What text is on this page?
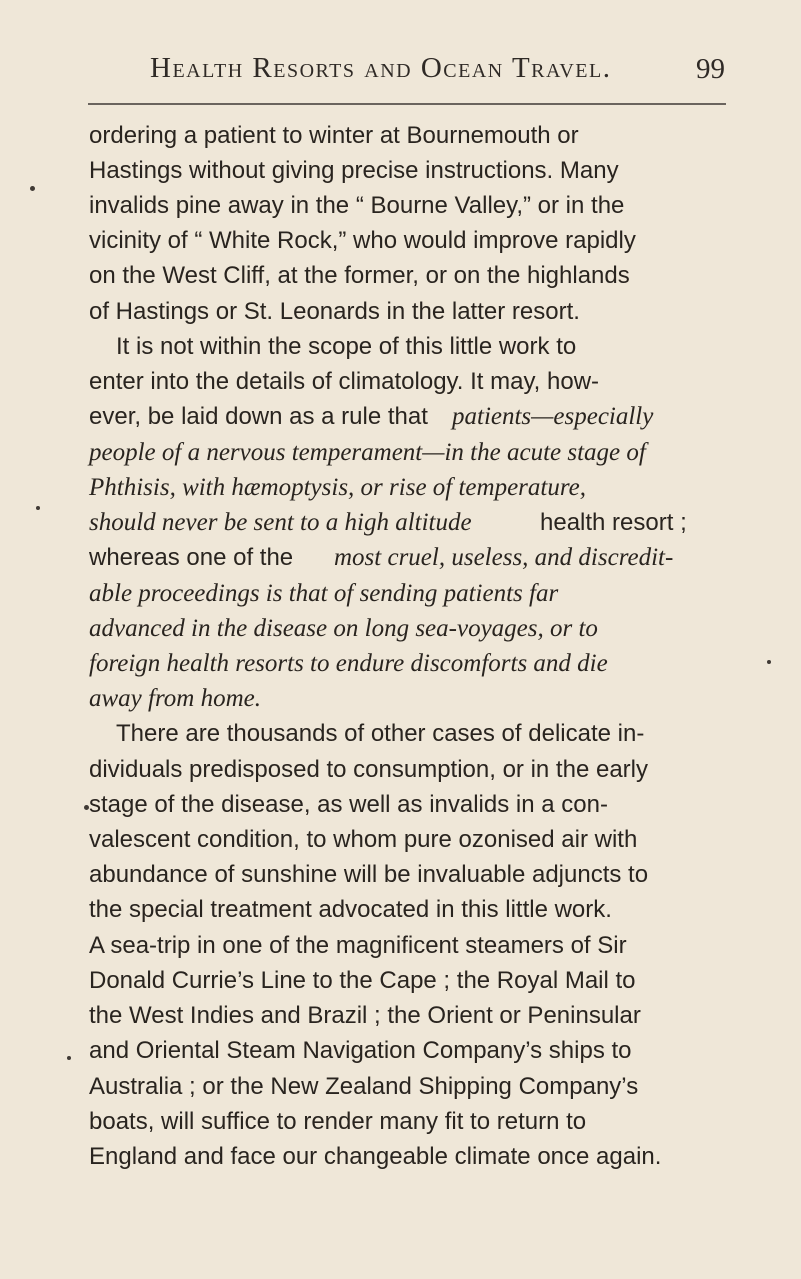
Health Resorts and Ocean Travel.	99
ordering a patient to winter at Bournemouth or
Hastings without giving precise instructions. Many
invalids pine away in the “ Bourne Valley,” or in the
vicinity of “ White Rock,” who would improve rapidly
on the West Cliff, at the former, or on the highlands
of Hastings or St. Leonards in the latter resort.
It is not within the scope of this little work to
enter into the details of climatology. It may, how-
ever, be laid down as a rule that patients—especially
people of a nervous temperament—in the acute stage of
Phthisis, with hæmoptysis, or rise of temperature,
should never be sent to a high altitude	health resort ;
whereas one of the most cruel, useless, and discredit-
able proceedings is that of sending patients far
advanced in the disease on long sea-voyages, or to
foreign health resorts to endure discomforts and die
away from home.
There are thousands of other cases of delicate in-
dividuals predisposed to consumption, or in the early
stage of the disease, as well as invalids in a con-
valescent condition, to whom pure ozonised air with
abundance of sunshine will be invaluable adjuncts to
the special treatment advocated in this little work.
A sea-trip in one of the magnificent steamers of Sir
Donald Currie’s Line to the Cape ; the Royal Mail to
the West Indies and Brazil ; the Orient or Peninsular
and Oriental Steam Navigation Company’s ships to
Australia ; or the New Zealand Shipping Company’s
boats, will suffice to render many fit to return to
England and face our changeable climate once again.
